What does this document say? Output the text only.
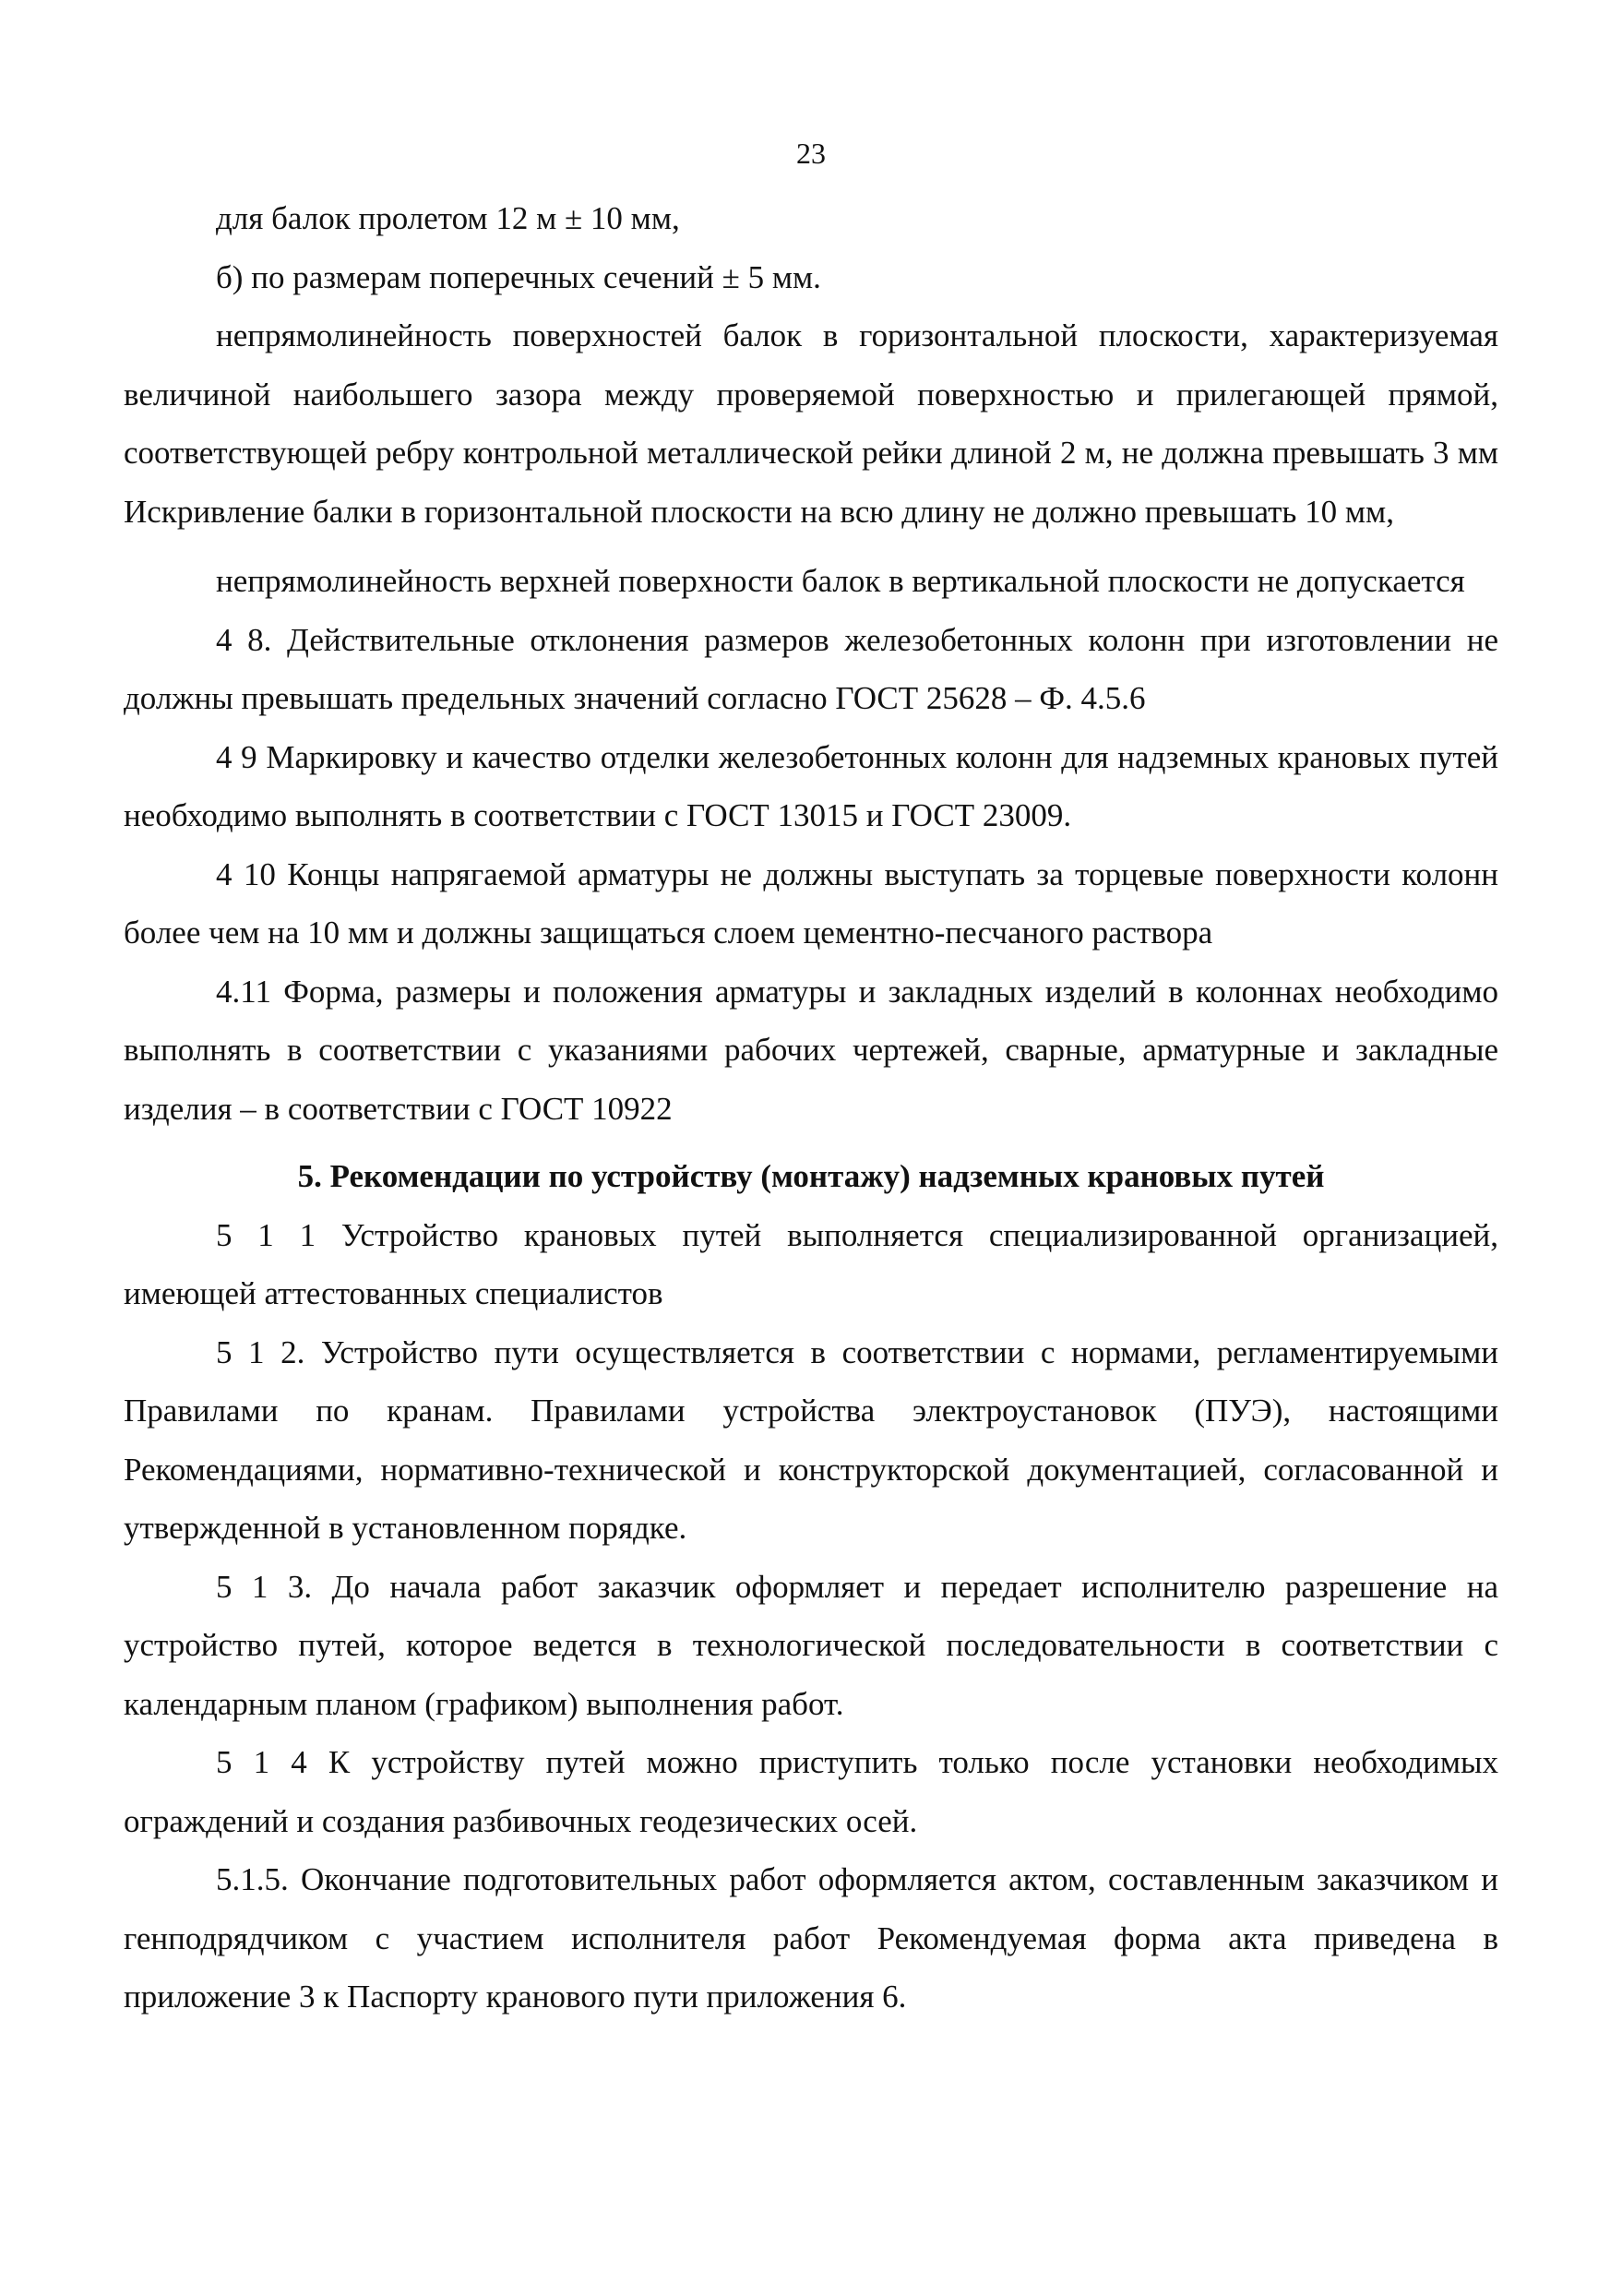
23

для балок пролетом 12 м ± 10 мм,

б) по размерам поперечных сечений ± 5 мм.

непрямолинейность поверхностей балок в горизонтальной плоскости, характеризуемая величиной наибольшего зазора между проверяемой поверхностью и прилегающей прямой, соответствующей ребру контрольной металлической рейки длиной 2 м, не должна превышать 3 мм Искривление балки в горизонтальной плоскости на всю длину не должно превышать 10 мм,

непрямолинейность верхней поверхности балок в вертикальной плоскости не допускается

4 8. Действительные отклонения размеров железобетонных колонн при изготовлении не должны превышать предельных значений согласно ГОСТ 25628 – Ф. 4.5.6

4 9 Маркировку и качество отделки железобетонных колонн для надземных крановых путей необходимо выполнять в соответствии с ГОСТ 13015 и ГОСТ 23009.

4 10 Концы напрягаемой арматуры не должны выступать за торцевые поверхности колонн более чем на 10 мм и должны защищаться слоем цементно-песчаного раствора

4.11 Форма, размеры и положения арматуры и закладных изделий в колоннах необходимо выполнять в соответствии с указаниями рабочих чертежей, сварные, арматурные и закладные изделия – в соответствии с ГОСТ 10922

5. Рекомендации по устройству (монтажу) надземных крановых путей

5 1 1 Устройство крановых путей выполняется специализированной организацией, имеющей аттестованных специалистов

5 1 2. Устройство пути осуществляется в соответствии с нормами, регламентируемыми Правилами по кранам. Правилами устройства электроустановок (ПУЭ), настоящими Рекомендациями, нормативно-технической и конструкторской документацией, согласованной и утвержденной в установленном порядке.

5 1 3. До начала работ заказчик оформляет и передает исполнителю разрешение на устройство путей, которое ведется в технологической последовательности в соответствии с календарным планом (графиком) выполнения работ.

5 1 4 К устройству путей можно приступить только после установки необходимых ограждений и создания разбивочных геодезических осей.

5.1.5. Окончание подготовительных работ оформляется актом, составленным заказчиком и генподрядчиком с участием исполнителя работ Рекомендуемая форма акта приведена в приложение 3 к Паспорту кранового пути приложения 6.
